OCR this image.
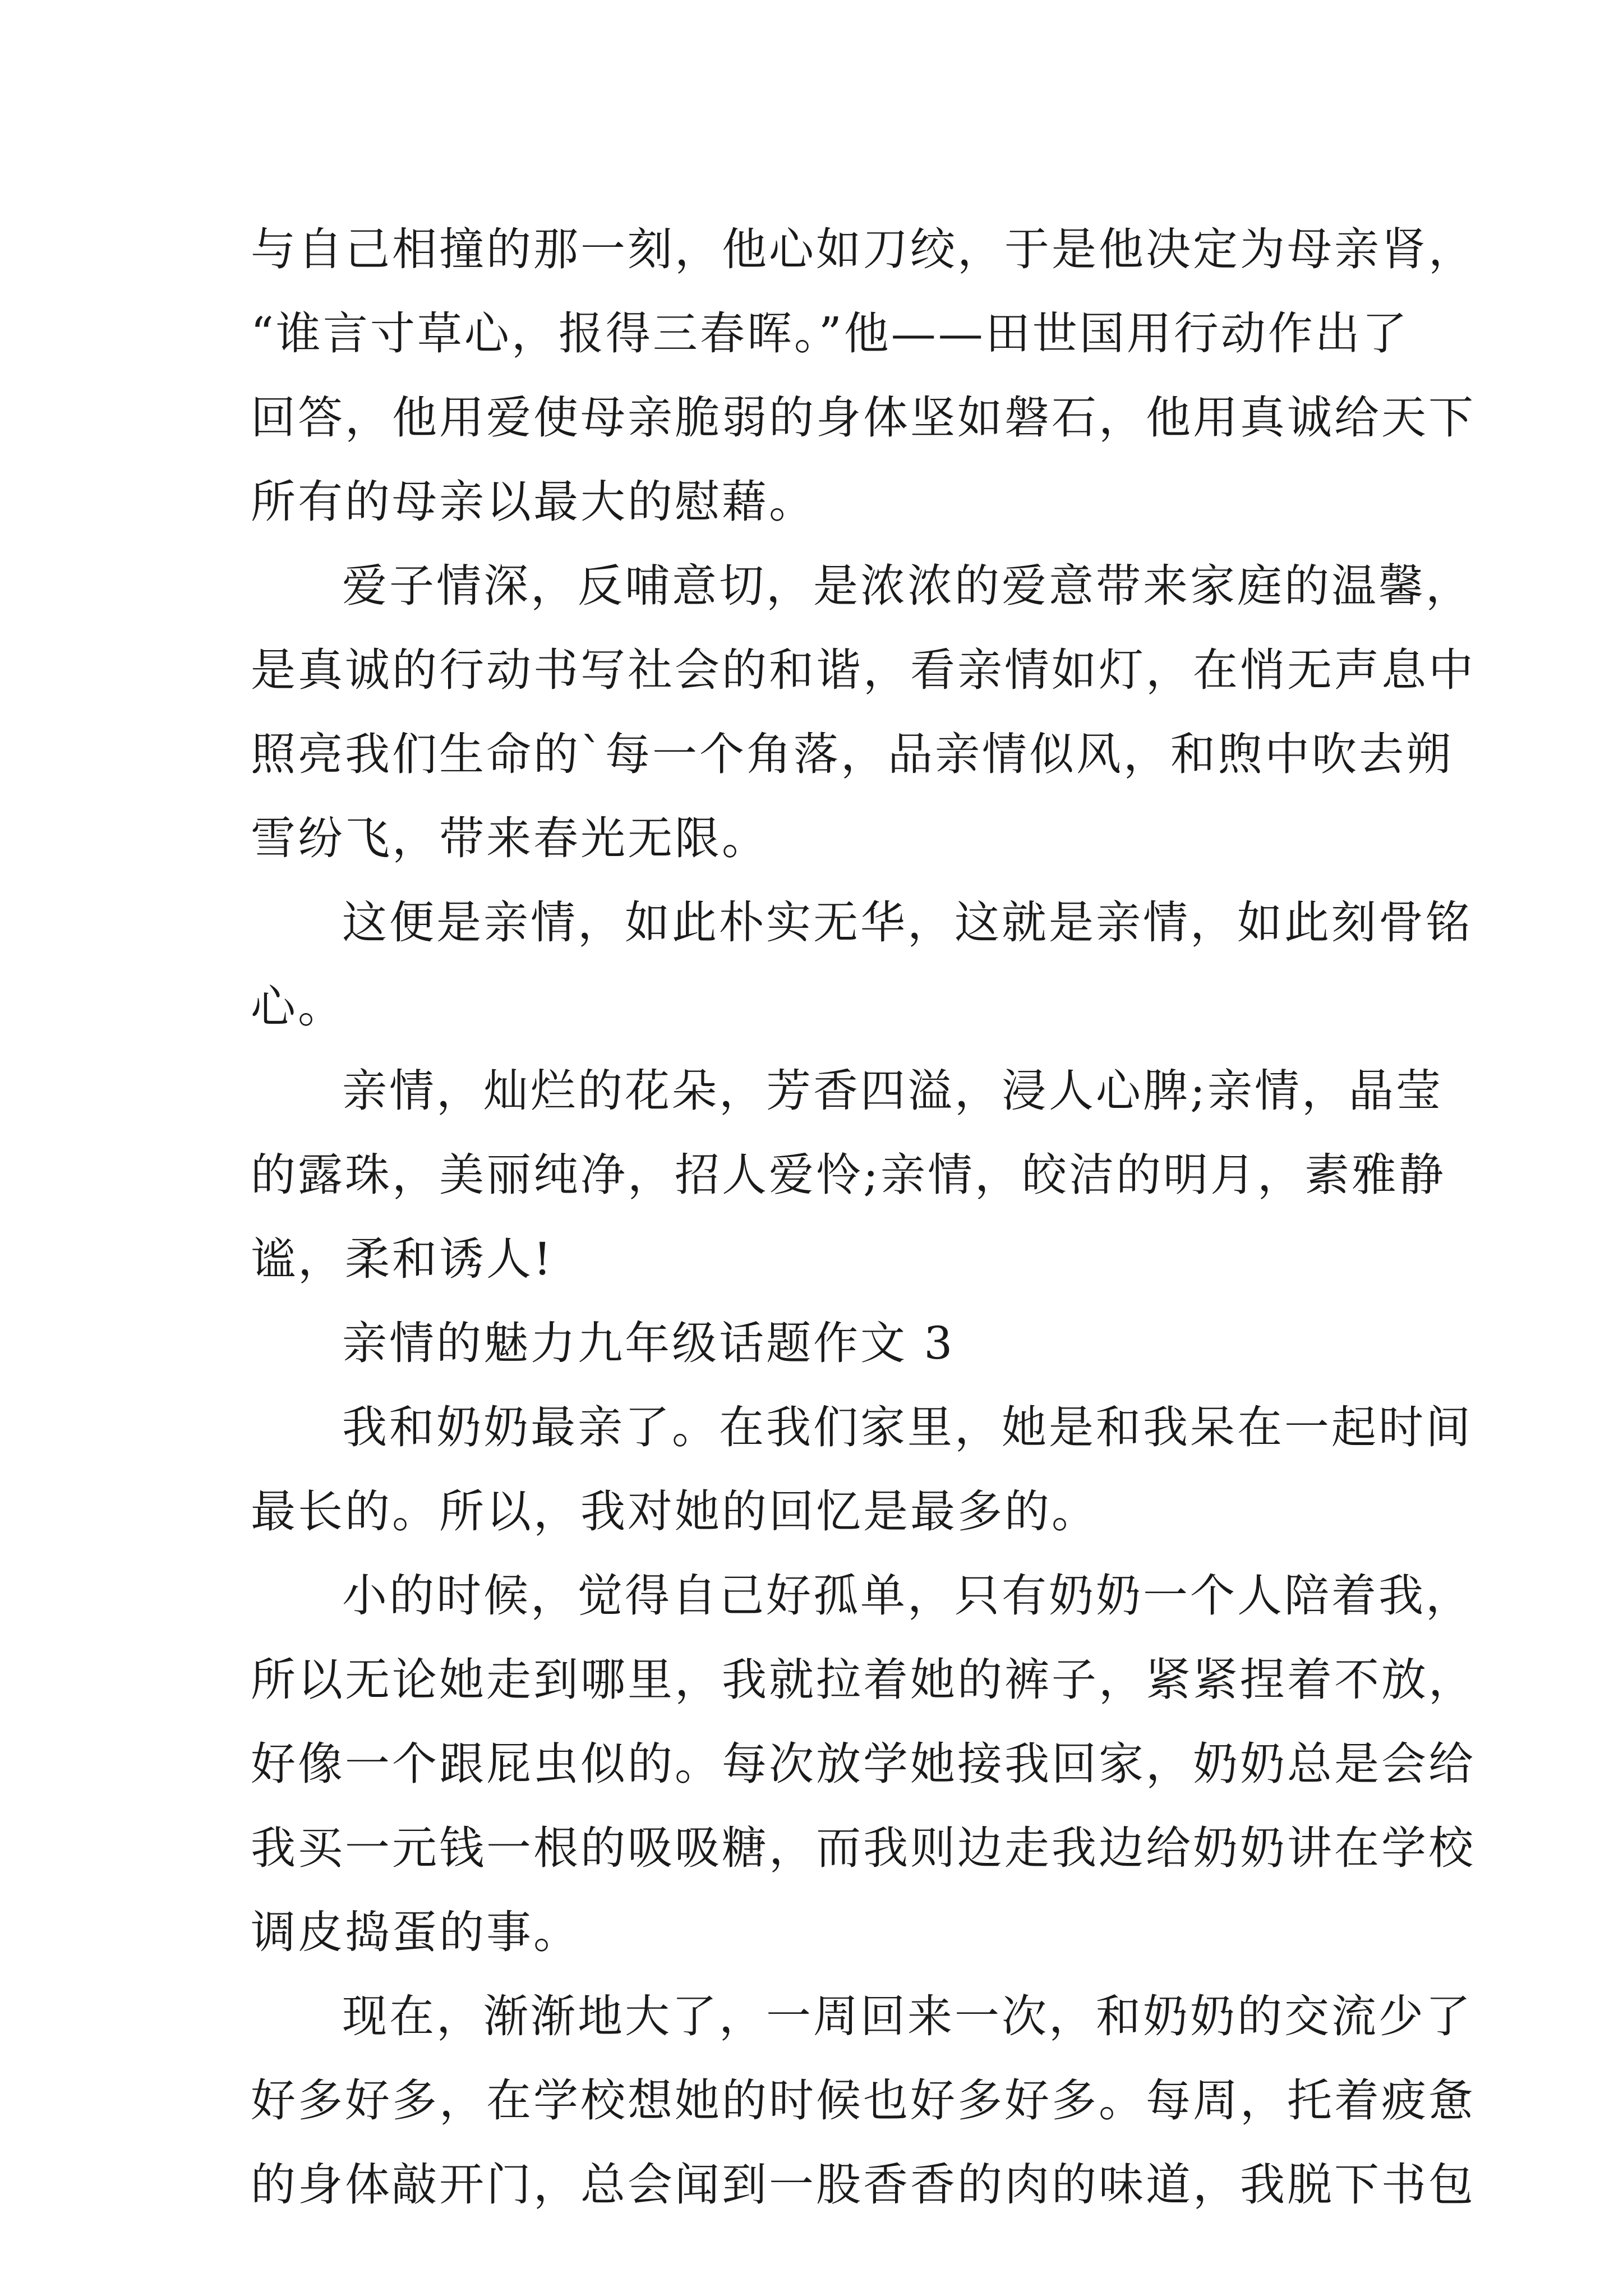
与自己相撞的那一刻，他心如刀绞，于是他决定为母亲肾，
“谁言寸草心，报得三春晖。”他——田世国用行动作出了
回答，他用爱使母亲脆弱的身体坚如磐石，他用真诚给天下
所有的母亲以最大的慰藉。
爱子情深，反哺意切，是浓浓的爱意带来家庭的温馨，
是真诚的行动书写社会的和谐，看亲情如灯，在悄无声息中
照亮我们生命的`每一个角落，品亲情似风，和煦中吹去朔
雪纷飞，带来春光无限。
这便是亲情，如此朴实无华，这就是亲情，如此刻骨铭
心。
亲情，灿烂的花朵，芳香四溢，浸人心脾;亲情，晶莹
的露珠，美丽纯净，招人爱怜;亲情，皎洁的明月，素雅静
谧，柔和诱人!
亲情的魅力九年级话题作文 3
我和奶奶最亲了。在我们家里，她是和我呆在一起时间
最长的。所以，我对她的回忆是最多的。
小的时候，觉得自己好孤单，只有奶奶一个人陪着我，
所以无论她走到哪里，我就拉着她的裤子，紧紧捏着不放，
好像一个跟屁虫似的。每次放学她接我回家，奶奶总是会给
我买一元钱一根的吸吸糖，而我则边走我边给奶奶讲在学校
调皮捣蛋的事。
现在，渐渐地大了，一周回来一次，和奶奶的交流少了
好多好多，在学校想她的时候也好多好多。每周，托着疲惫
的身体敲开门，总会闻到一股香香的肉的味道，我脱下书包
